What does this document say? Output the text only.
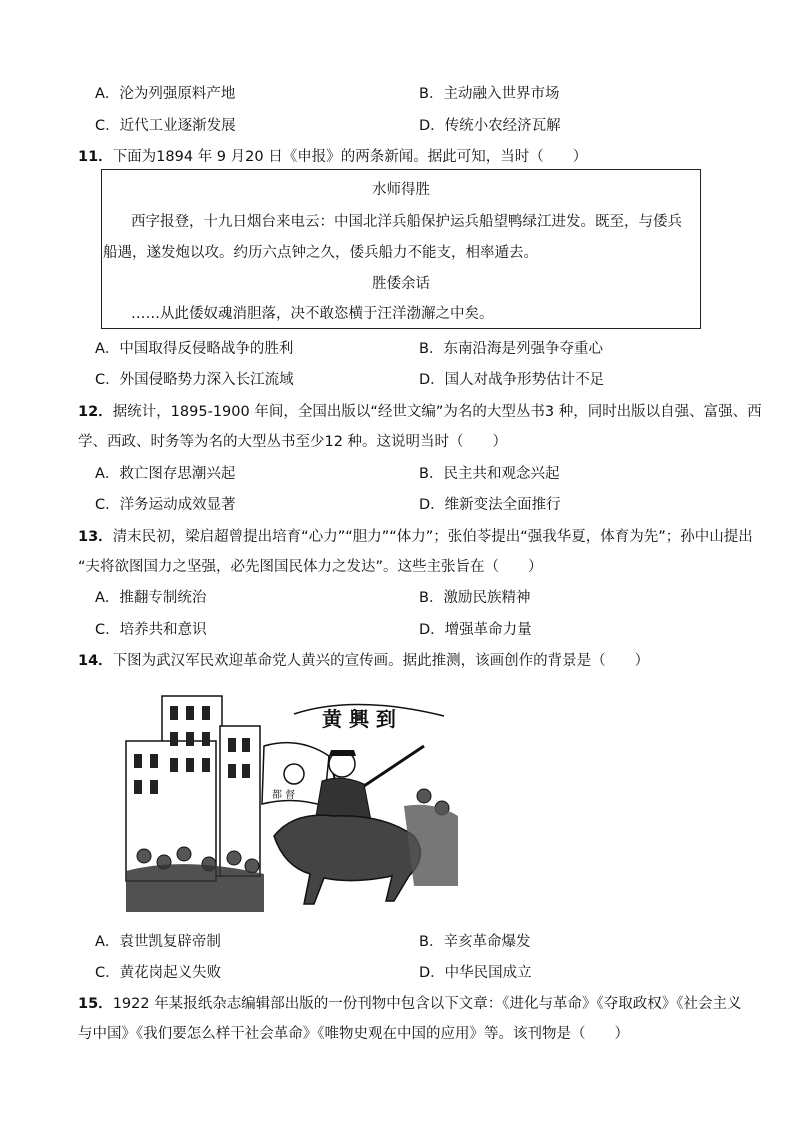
A．沦为列强原料产地	B．主动融入世界市场
C．近代工业逐渐发展	D．传统小农经济瓦解
11．下面为1894 年 9 月20 日《申报》的两条新闻。据此可知，当时（　　）
水师得胜
西字报登，十九日烟台来电云：中国北洋兵船保护运兵船望鸭绿江进发。既至，与倭兵
船遇，遂发炮以攻。约历六点钟之久，倭兵船力不能支，相率遁去。
胜倭余话
……从此倭奴魂消胆落，决不敢恣横于汪洋渤澥之中矣。
A．中国取得反侵略战争的胜利	B．东南沿海是列强争夺重心
C．外国侵略势力深入长江流域	D．国人对战争形势估计不足
12．据统计，1895-1900 年间，全国出版以“经世文编”为名的大型丛书3 种，同时出版以自强、富强、西
学、西政、时务等为名的大型丛书至少12 种。这说明当时（　　）
A．救亡图存思潮兴起	B．民主共和观念兴起
C．洋务运动成效显著	D．维新变法全面推行
13．清末民初，梁启超曾提出培育“心力”“胆力”“体力”；张伯苓提出“强我华夏，体育为先”；孙中山提出
“夫将欲图国力之坚强，必先图国民体力之发达”。这些主张旨在（　　）
A．推翻专制统治	B．激励民族精神
C．培养共和意识	D．增强革命力量
14．下图为武汉军民欢迎革命党人黄兴的宣传画。据此推测，该画创作的背景是（　　）
黄 興 到
都 督
A．袁世凯复辟帝制	B．辛亥革命爆发
C．黄花岗起义失败	D．中华民国成立
15．1922 年某报纸杂志编辑部出版的一份刊物中包含以下文章：《进化与革命》《夺取政权》《社会主义
与中国》《我们要怎么样干社会革命》《唯物史观在中国的应用》等。该刊物是（　　）
